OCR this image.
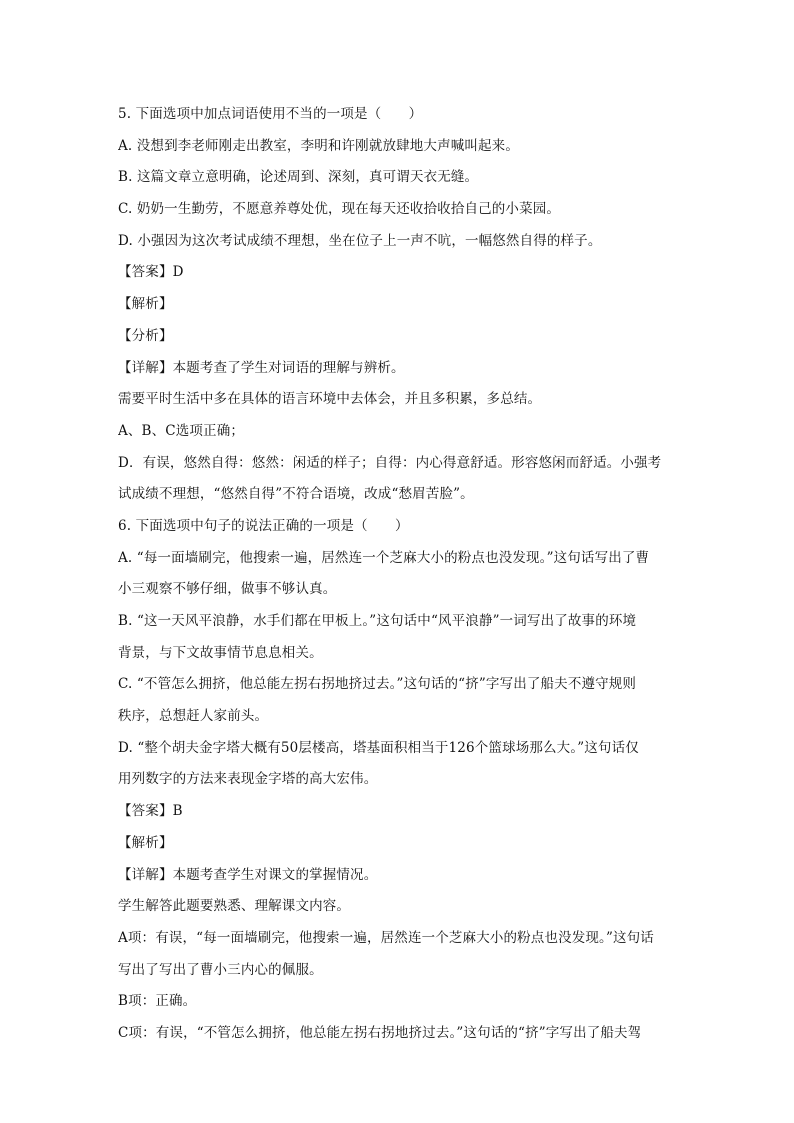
5. 下面选项中加点词语使用不当的一项是（　　）
A. 没想到李老师刚走出教室，李明和许刚就放肆地大声喊叫起来。
B. 这篇文章立意明确，论述周到、深刻，真可谓天衣无缝。
C. 奶奶一生勤劳，不愿意养尊处优，现在每天还收拾收拾自己的小菜园。
D. 小强因为这次考试成绩不理想，坐在位子上一声不吭，一幅悠然自得的样子。
【答案】D
【解析】
【分析】
【详解】本题考查了学生对词语的理解与辨析。
需要平时生活中多在具体的语言环境中去体会，并且多积累，多总结。
A、B、C选项正确；
D．有误，悠然自得：悠然：闲适的样子；自得：内心得意舒适。形容悠闲而舒适。小强考
试成绩不理想，“悠然自得”不符合语境，改成“愁眉苦脸”。
6. 下面选项中句子的说法正确的一项是（　　）
A. “每一面墙刷完，他搜索一遍，居然连一个芝麻大小的粉点也没发现。”这句话写出了曹
小三观察不够仔细，做事不够认真。
B. “这一天风平浪静，水手们都在甲板上。”这句话中“风平浪静”一词写出了故事的环境
背景，与下文故事情节息息相关。
C. “不管怎么拥挤，他总能左拐右拐地挤过去。”这句话的“挤”字写出了船夫不遵守规则
秩序，总想赶人家前头。
D. “整个胡夫金字塔大概有50层楼高，塔基面积相当于126个篮球场那么大。”这句话仅
用列数字的方法来表现金字塔的高大宏伟。
【答案】B
【解析】
【详解】本题考查学生对课文的掌握情况。
学生解答此题要熟悉、理解课文内容。
A项：有误，“每一面墙刷完，他搜索一遍，居然连一个芝麻大小的粉点也没发现。”这句话
写出了写出了曹小三内心的佩服。
B项：正确。
C项：有误，“不管怎么拥挤，他总能左拐右拐地挤过去。”这句话的“挤”字写出了船夫驾
